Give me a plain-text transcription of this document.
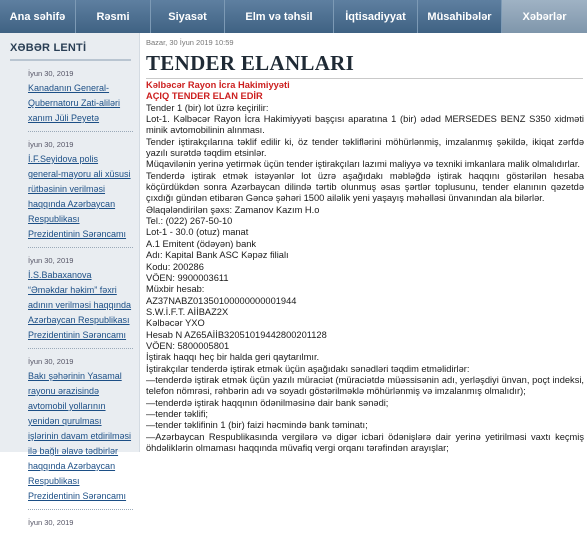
Ana səhifə	Rəsmi	Siyasət	Elm və təhsil	İqtisadiyyat	Müsahibələr	Xəbərlər
XƏBƏR LENTİ
İyun 30, 2019
Kanadanın General-Qubernatoru Zati-aliləri xanım Jüli Peyetə
İyun 30, 2019
İ.F.Seyidova polis general-mayoru ali xüsusi rütbəsinin verilməsi haqqında Azərbaycan Respublikası Prezidentinin Sərəncamı
İyun 30, 2019
İ.S.Babaxanova “Əməkdar həkim” fəxri adının verilməsi haqqında Azərbaycan Respublikası Prezidentinin Sərəncamı
İyun 30, 2019
Bakı şəhərinin Yasamal rayonu ərazisində avtomobil yollarının yenidən qurulması işlərinin davam etdirilməsi ilə bağlı əlavə tədbirlər haqqında Azərbaycan Respublikası Prezidentinin Sərəncamı
İyun 30, 2019
Bazar, 30 İyun 2019 10:59
TENDER ELANLARI
Kəlbəcər Rayon İcra Hakimiyyəti
AÇIQ TENDER ELAN EDİR
Tender 1 (bir) lot üzrə keçirilir:
Lot-1. Kəlbəcər Rayon İcra Hakimiyyəti başçısı aparatına 1 (bir) ədəd MERSEDES BENZ S350 xidməti minik avtomobilinin alınması.
Tender iştirakçılarına təklif edilir ki, öz tender təkliflərini möhürlənmiş, imzalanmış şəkildə, ikiqat zərfdə yazılı surətdə təqdim etsinlər.
Müqavilənin yerinə yetirmək üçün tender iştirakçıları lazımi maliyyə və texniki imkanlara malik olmalıdırlar.
Tenderdə iştirak etmək istəyənlər lot üzrə aşağıdakı məbləğdə iştirak haqqını göstərilən hesaba köçürdükdən sonra Azərbaycan dilində tərtib olunmuş əsas şərtlər toplusunu, tender elanının qəzetdə çıxdığı gündən etibarən Gəncə şəhəri 1500 ailəlik yeni yaşayış məhəlləsi ünvanından ala bilərlər.
Əlaqələndirilən şəxs: Zamanov Kazım H.o
Tel.: (022) 267-50-10
Lot-1 - 30.0 (otuz) manat
A.1 Emitent (ödəyən) bank
Adı: Kapital Bank ASC Kəpəz filialı
Kodu: 200286
VÖEN: 9900003611
Müxbir hesab:
AZ37NABZ01350100000000001944
S.W.İ.F.T. AİİBAZ2X
Kəlbəcər YXO
Hesab N AZ65AİİB32051019442800201128
VÖEN: 5800005801
İştirak haqqı heç bir halda geri qaytarılmır.
İştirakçılar tenderdə iştirak etmək üçün aşağıdakı sənədləri təqdim etməlidirlər:
—tenderdə iştirak etmək üçün yazılı müraciət (müraciətdə müəssisənin adı, yerləşdiyi ünvan, poçt indeksi, telefon nömrəsi, rəhbərin adı və soyadı göstərilməklə möhürlənmiş və imzalanmış olmalıdır);
—tenderdə iştirak haqqının ödənilməsinə dair bank sənədi;
—tender təklifi;
—tender təklifinin 1 (bir) faizi həcmində bank təminatı;
—Azərbaycan Respublikasında vergilərə və digər icbari ödənişlərə dair yerinə yetirilməsi vaxtı keçmiş öhdəliklərin olmaması haqqında müvafiq vergi orqanı tərəfindən arayışlar;
